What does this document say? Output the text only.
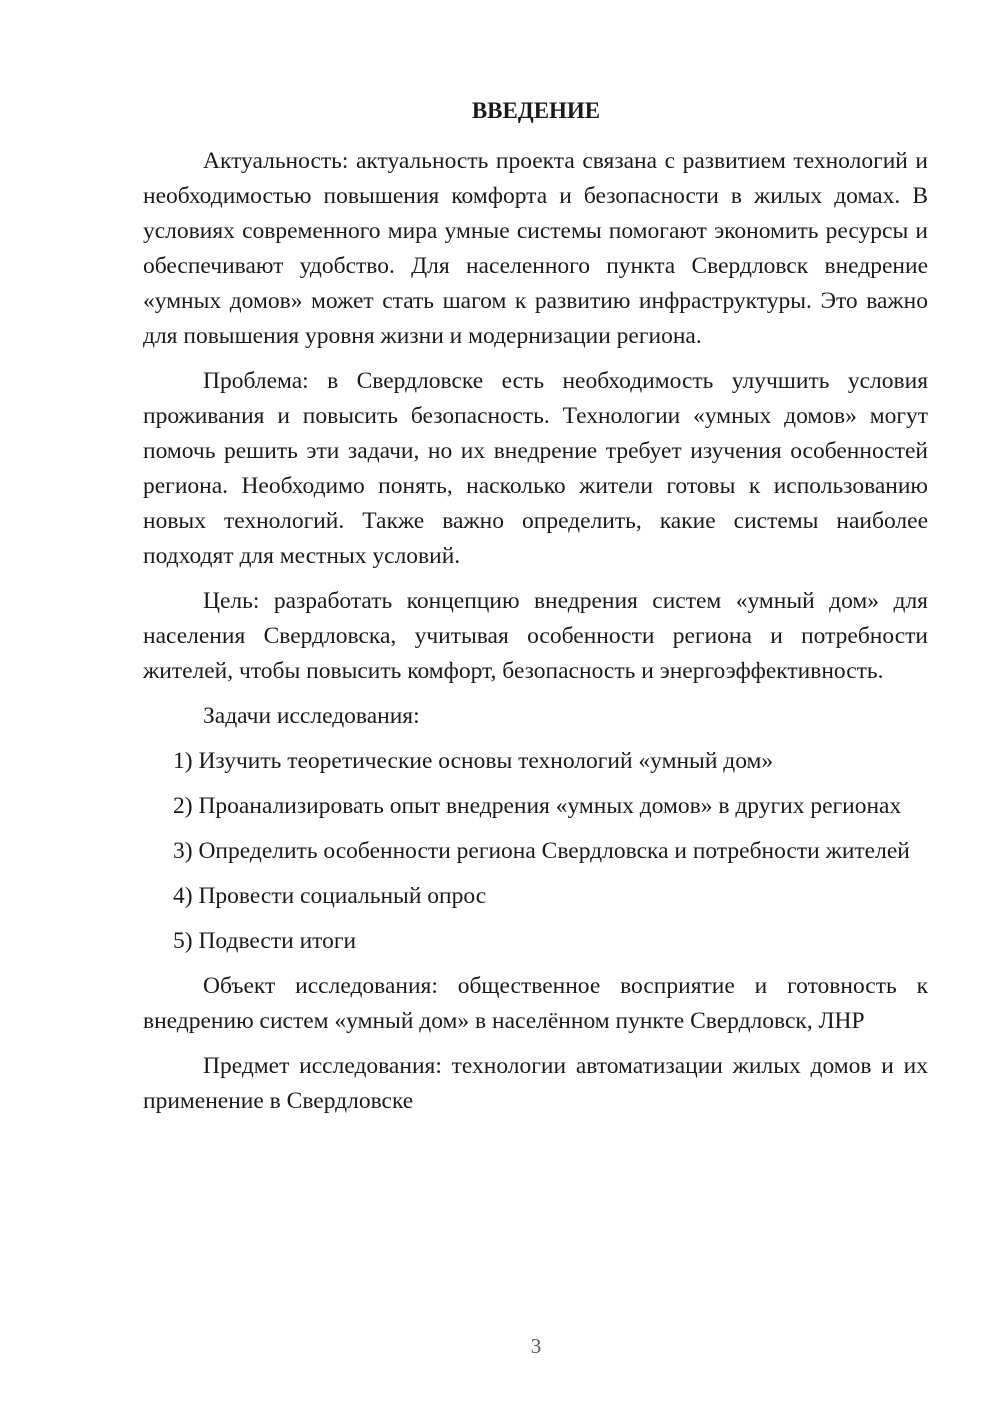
ВВЕДЕНИЕ

Актуальность: актуальность проекта связана с развитием технологий и необходимостью повышения комфорта и безопасности в жилых домах. В условиях современного мира умные системы помогают экономить ресурсы и обеспечивают удобство. Для населенного пункта Свердловск внедрение «умных домов» может стать шагом к развитию инфраструктуры. Это важно для повышения уровня жизни и модернизации региона.

Проблема: в Свердловске есть необходимость улучшить условия проживания и повысить безопасность. Технологии «умных домов» могут помочь решить эти задачи, но их внедрение требует изучения особенностей региона. Необходимо понять, насколько жители готовы к использованию новых технологий. Также важно определить, какие системы наиболее подходят для местных условий.

Цель: разработать концепцию внедрения систем «умный дом» для населения Свердловска, учитывая особенности региона и потребности жителей, чтобы повысить комфорт, безопасность и энергоэффективность.

Задачи исследования:

1) Изучить теоретические основы технологий «умный дом»

2) Проанализировать опыт внедрения «умных домов» в других регионах

3) Определить особенности региона Свердловска и потребности жителей

4) Провести социальный опрос

5) Подвести итоги

Объект исследования: общественное восприятие и готовность к внедрению систем «умный дом» в населённом пункте Свердловск, ЛНР

Предмет исследования: технологии автоматизации жилых домов и их применение в Свердловске

3
